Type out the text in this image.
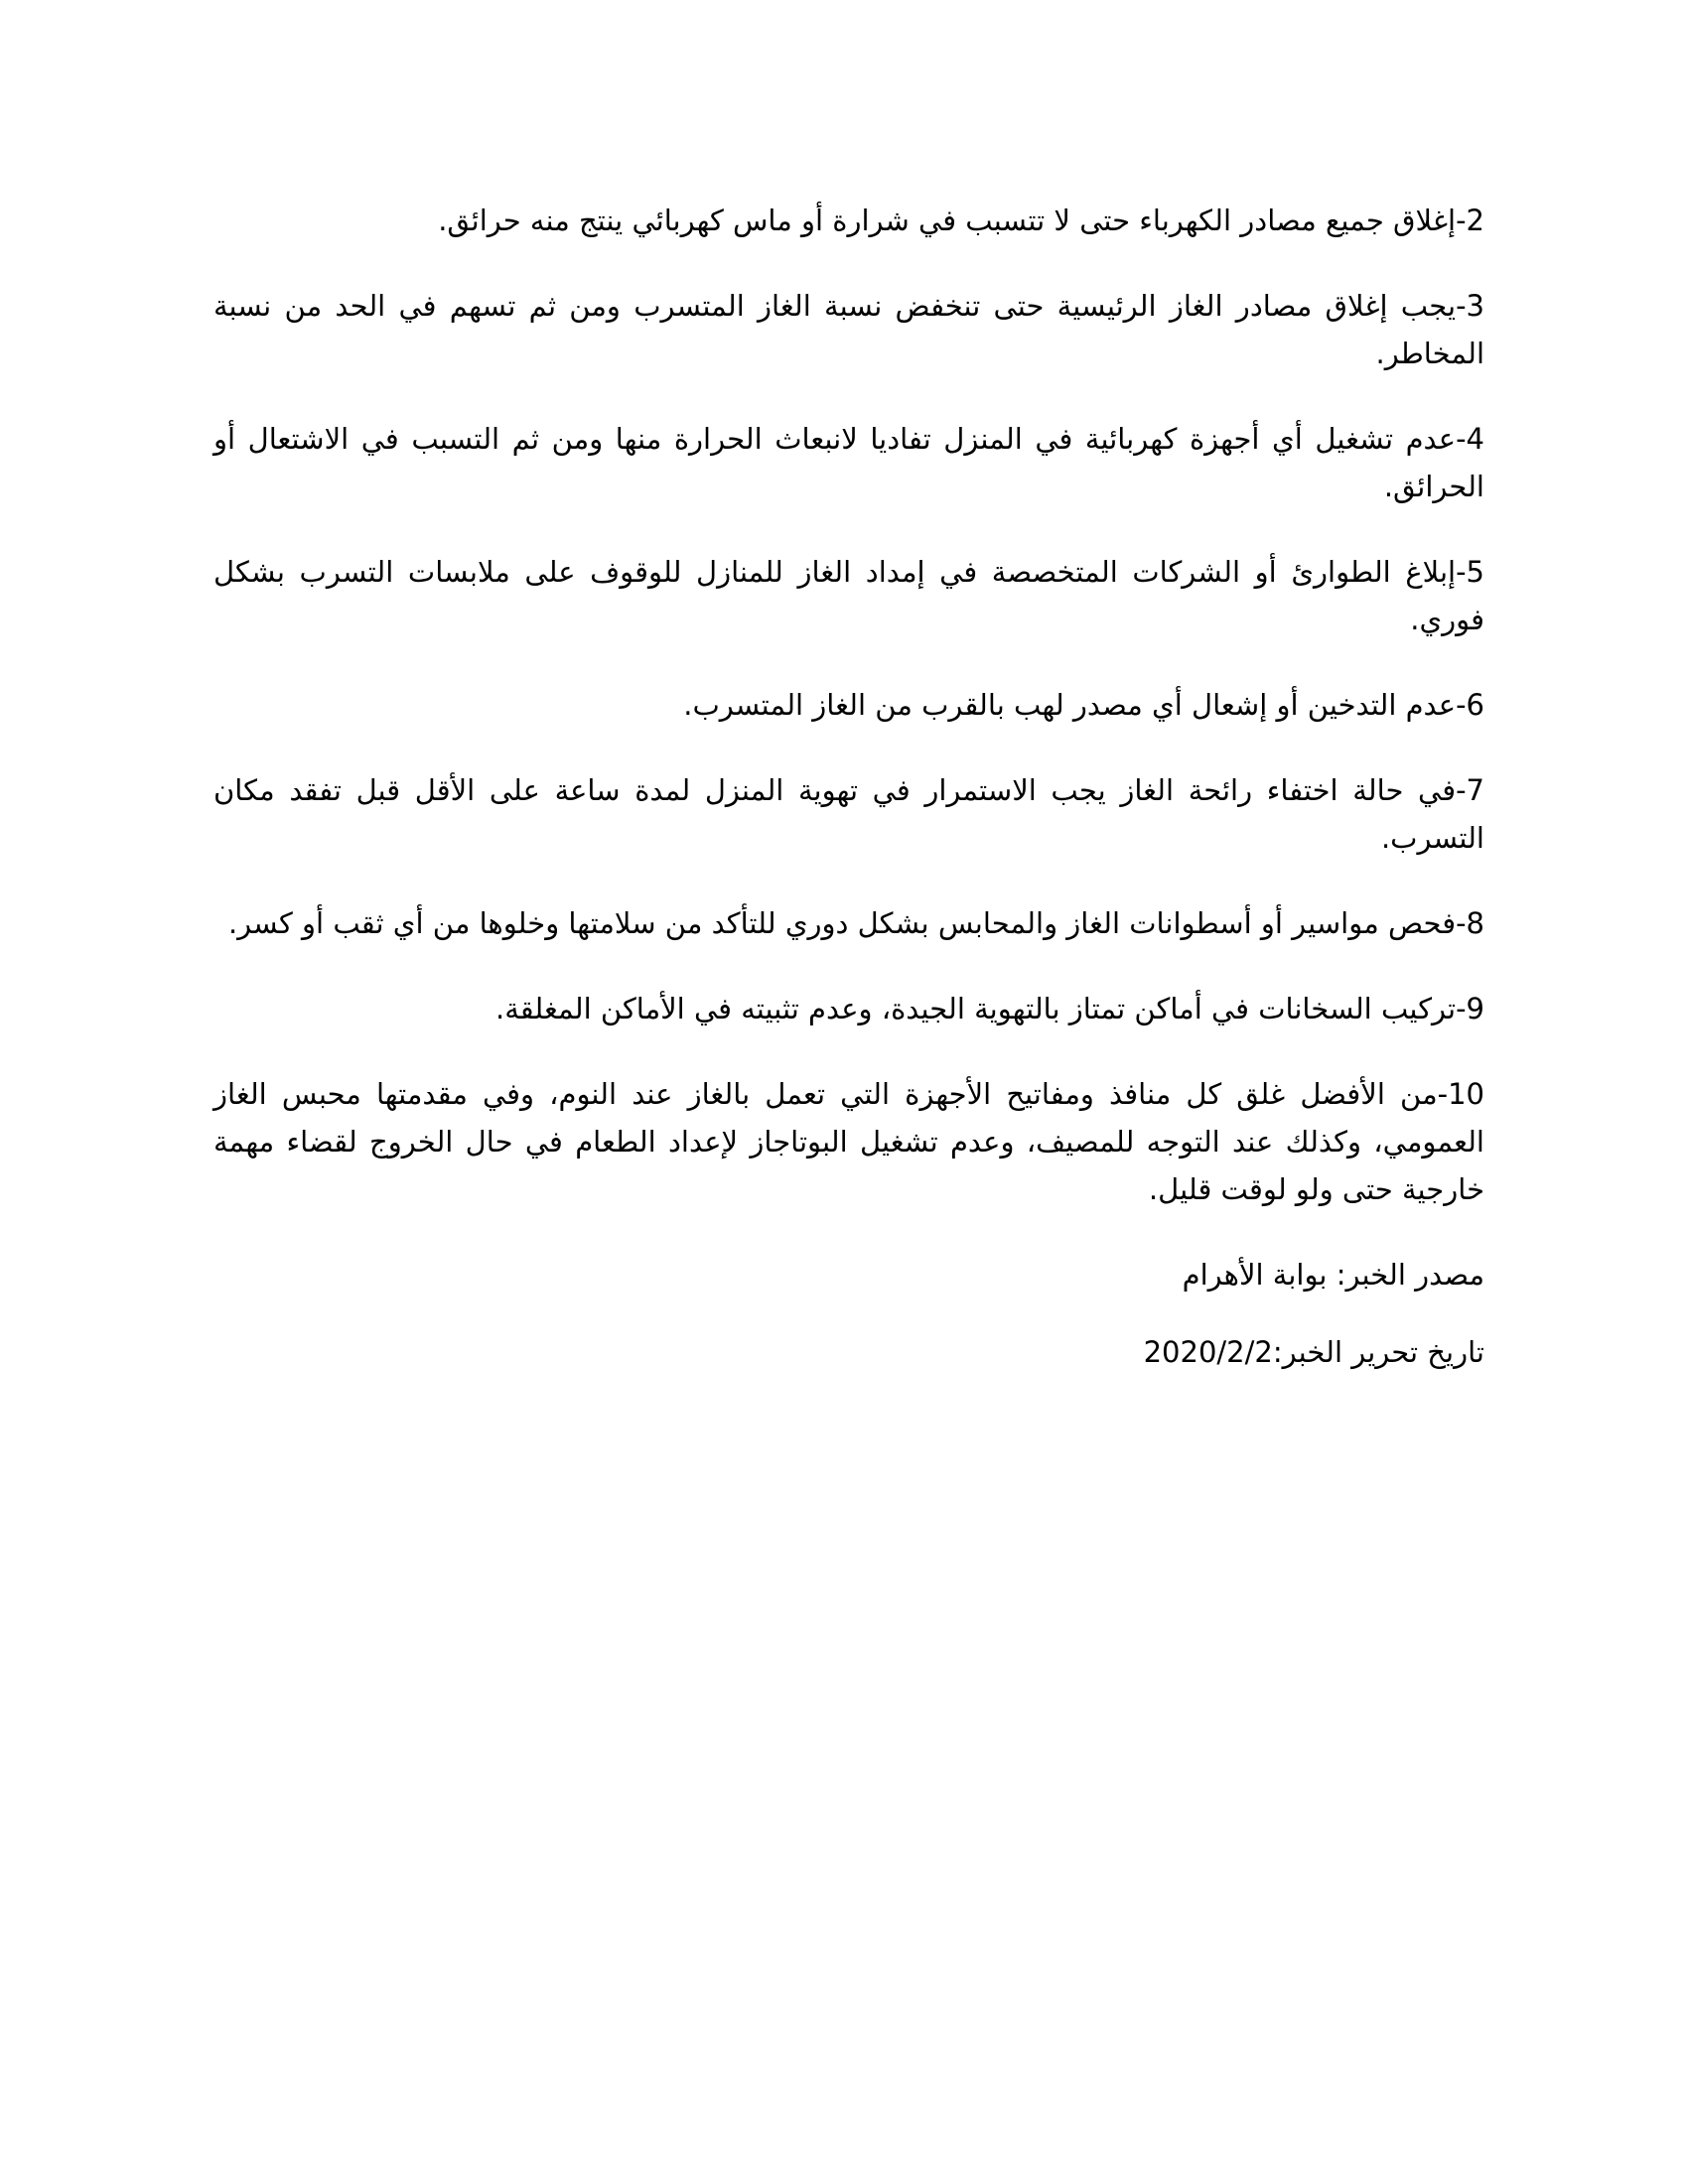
2-إغلاق جميع مصادر الكهرباء حتى لا تتسبب في شرارة أو ماس كهربائي ينتج منه حرائق.

3-يجب إغلاق مصادر الغاز الرئيسية حتى تنخفض نسبة الغاز المتسرب ومن ثم تسهم في الحد من نسبة المخاطر.

4-عدم تشغيل أي أجهزة كهربائية في المنزل تفاديا لانبعاث الحرارة منها ومن ثم التسبب في الاشتعال أو الحرائق.

5-إبلاغ الطوارئ أو الشركات المتخصصة في إمداد الغاز للمنازل للوقوف على ملابسات التسرب بشكل فوري.

6-عدم التدخين أو إشعال أي مصدر لهب بالقرب من الغاز المتسرب.

7-في حالة اختفاء رائحة الغاز يجب الاستمرار في تهوية المنزل لمدة ساعة على الأقل قبل تفقد مكان التسرب.

8-فحص مواسير أو أسطوانات الغاز والمحابس بشكل دوري للتأكد من سلامتها وخلوها من أي ثقب أو كسر.

9-تركيب السخانات في أماكن تمتاز بالتهوية الجيدة، وعدم تثبيته في الأماكن المغلقة.

10-من الأفضل غلق كل منافذ ومفاتيح الأجهزة التي تعمل بالغاز عند النوم، وفي مقدمتها محبس الغاز العمومي، وكذلك عند التوجه للمصيف، وعدم تشغيل البوتاجاز لإعداد الطعام في حال الخروج لقضاء مهمة خارجية حتى ولو لوقت قليل.

مصدر الخبر: بوابة الأهرام

تاريخ تحرير الخبر:2020/2/2
